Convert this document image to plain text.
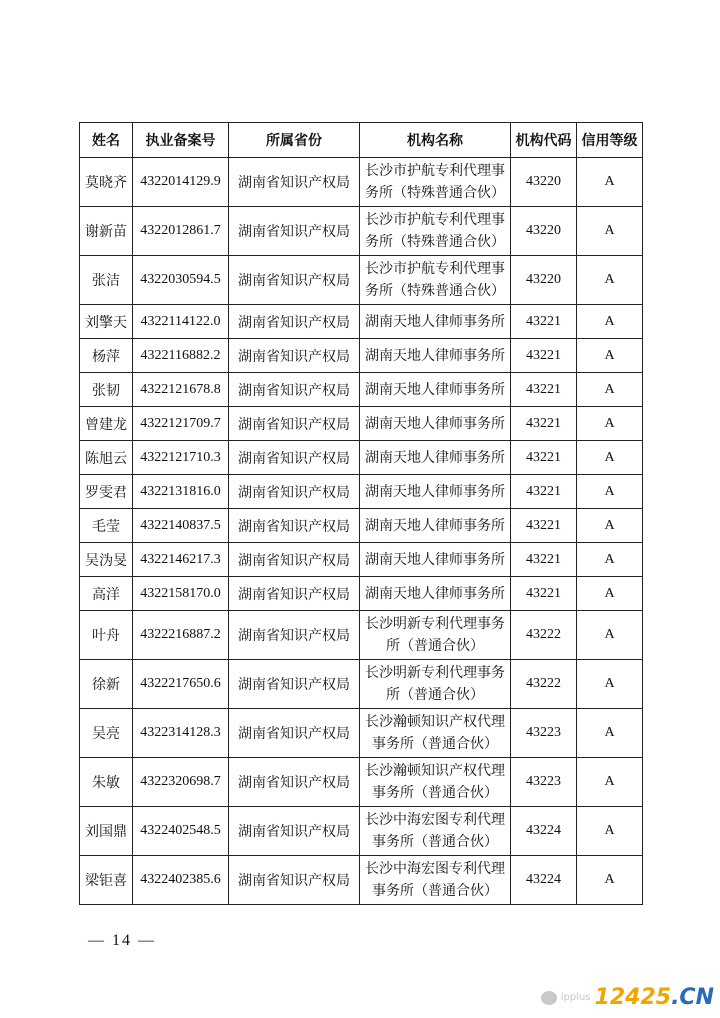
姓名	执业备案号	所属省份	机构名称	机构代码	信用等级
莫晓齐	4322014129.9	湖南省知识产权局	长沙市护航专利代理事务所（特殊普通合伙）	43220	A
谢新苗	4322012861.7	湖南省知识产权局	长沙市护航专利代理事务所（特殊普通合伙）	43220	A
张洁	4322030594.5	湖南省知识产权局	长沙市护航专利代理事务所（特殊普通合伙）	43220	A
刘擎天	4322114122.0	湖南省知识产权局	湖南天地人律师事务所	43221	A
杨萍	4322116882.2	湖南省知识产权局	湖南天地人律师事务所	43221	A
张韧	4322121678.8	湖南省知识产权局	湖南天地人律师事务所	43221	A
曾建龙	4322121709.7	湖南省知识产权局	湖南天地人律师事务所	43221	A
陈旭云	4322121710.3	湖南省知识产权局	湖南天地人律师事务所	43221	A
罗雯君	4322131816.0	湖南省知识产权局	湖南天地人律师事务所	43221	A
毛莹	4322140837.5	湖南省知识产权局	湖南天地人律师事务所	43221	A
吴沩旻	4322146217.3	湖南省知识产权局	湖南天地人律师事务所	43221	A
高洋	4322158170.0	湖南省知识产权局	湖南天地人律师事务所	43221	A
叶舟	4322216887.2	湖南省知识产权局	长沙明新专利代理事务所（普通合伙）	43222	A
徐新	4322217650.6	湖南省知识产权局	长沙明新专利代理事务所（普通合伙）	43222	A
吴亮	4322314128.3	湖南省知识产权局	长沙瀚顿知识产权代理事务所（普通合伙）	43223	A
朱敏	4322320698.7	湖南省知识产权局	长沙瀚顿知识产权代理事务所（普通合伙）	43223	A
刘国鼎	4322402548.5	湖南省知识产权局	长沙中海宏图专利代理事务所（普通合伙）	43224	A
梁钜喜	4322402385.6	湖南省知识产权局	长沙中海宏图专利代理事务所（普通合伙）	43224	A
— 14 —
ipplus 12425.CN
